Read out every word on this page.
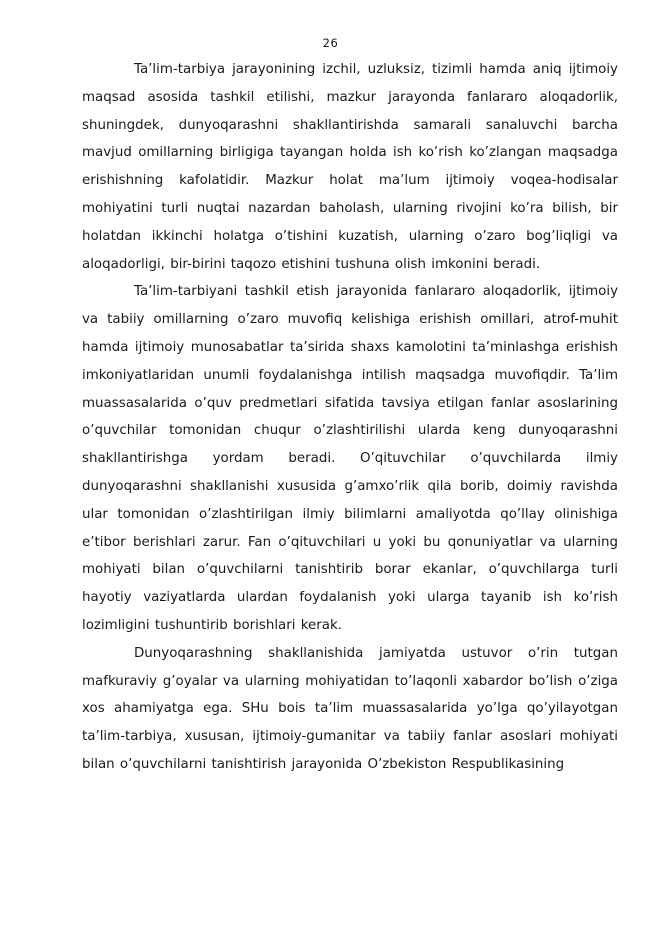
26

Ta’lim-tarbiya jarayonining izchil, uzluksiz, tizimli hamda aniq ijtimoiy maqsad asosida tashkil etilishi, mazkur jarayonda fanlararo aloqadorlik, shuningdek, dunyoqarashni shakllantirishda samarali sanaluvchi barcha mavjud omillarning birligiga tayangan holda ish ko’rish ko’zlangan maqsadga erishishning kafolatidir. Mazkur holat ma’lum ijtimoiy voqea-hodisalar mohiyatini turli nuqtai nazardan baholash, ularning rivojini ko’ra bilish, bir holatdan ikkinchi holatga o’tishini kuzatish, ularning o’zaro bog’liqligi va aloqadorligi, bir-birini taqozo etishini tushuna olish imkonini beradi.

Ta’lim-tarbiyani tashkil etish jarayonida fanlararo aloqadorlik, ijtimoiy va tabiiy omillarning o’zaro muvofiq kelishiga erishish omillari, atrof-muhit hamda ijtimoiy munosabatlar ta’sirida shaxs kamolotini ta’minlashga erishish imkoniyatlaridan unumli foydalanishga intilish maqsadga muvofiqdir. Ta’lim muassasalarida o’quv predmetlari sifatida tavsiya etilgan fanlar asoslarining o’quvchilar tomonidan chuqur o’zlashtirilishi ularda keng dunyoqarashni shakllantirishga yordam beradi. O’qituvchilar o’quvchilarda ilmiy dunyoqarashni shakllanishi xususida g’amxo’rlik qila borib, doimiy ravishda ular tomonidan o’zlashtirilgan ilmiy bilimlarni amaliyotda qo’llay olinishiga e’tibor berishlari zarur. Fan o’qituvchilari u yoki bu qonuniyatlar va ularning mohiyati bilan o’quvchilarni tanishtirib borar ekanlar, o’quvchilarga turli hayotiy vaziyatlarda ulardan foydalanish yoki ularga tayanib ish ko’rish lozimligini tushuntirib borishlari kerak.

Dunyoqarashning shakllanishida jamiyatda ustuvor o’rin tutgan mafkuraviy g’oyalar va ularning mohiyatidan to’laqonli xabardor bo’lish o’ziga xos ahamiyatga ega. SHu bois ta’lim muassasalarida yo’lga qo’yilayotgan ta’lim-tarbiya, xususan, ijtimoiy-gumanitar va tabiiy fanlar asoslari mohiyati bilan o’quvchilarni tanishtirish jarayonida O’zbekiston Respublikasining
